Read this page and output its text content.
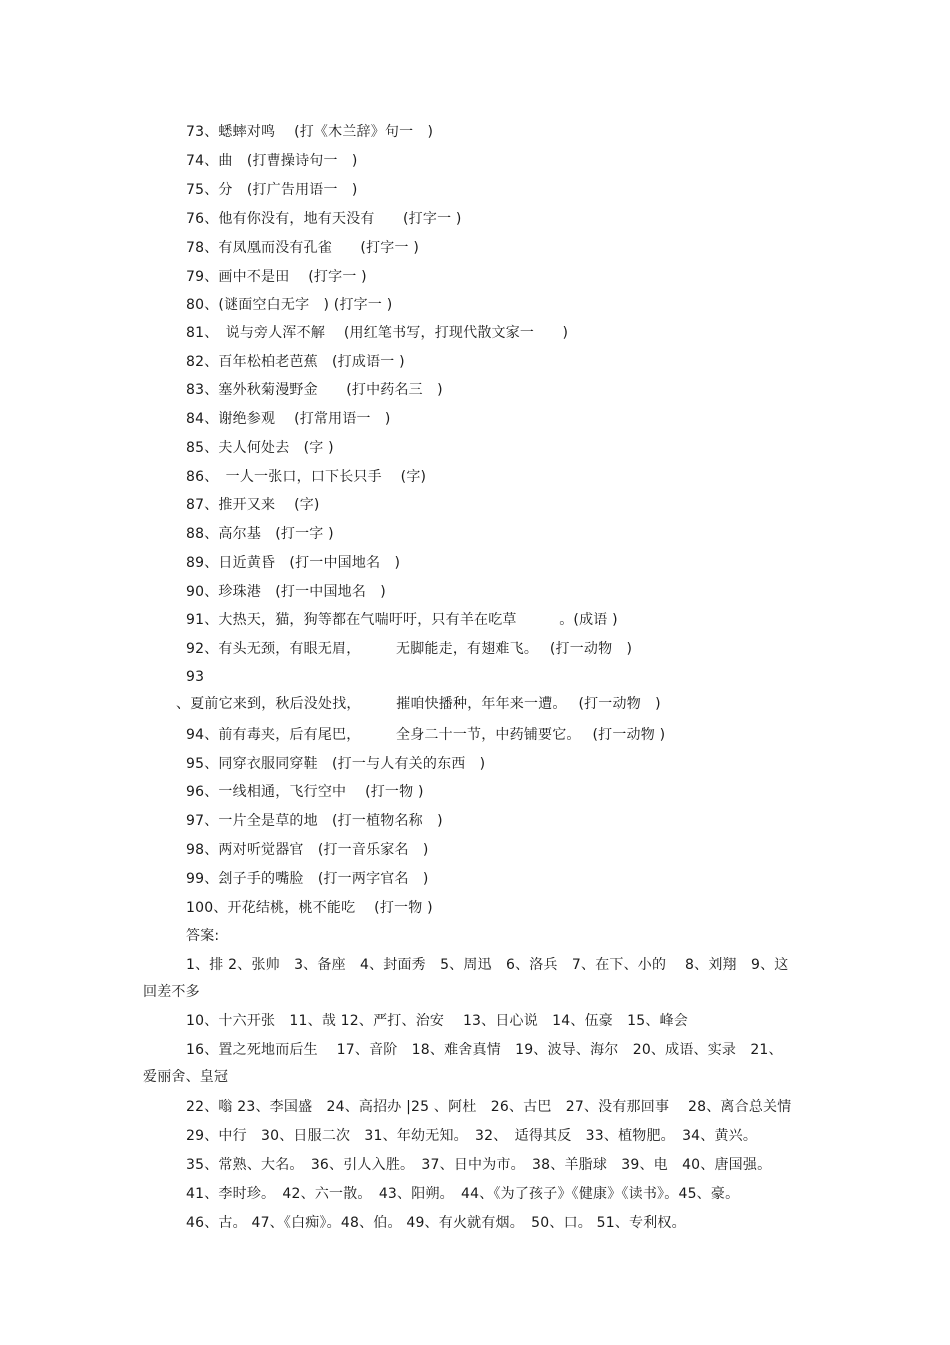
73、蟋蟀对鸣　 (打《木兰辞》句一　)
74、曲　(打曹操诗句一　)
75、分　(打广告用语一　)
76、他有你没有，地有天没有　　(打字一 )
78、有凤凰而没有孔雀　　(打字一 )
79、画中不是田　 (打字一 )
80、(谜面空白无字　) (打字一 )
81、　说与旁人浑不解　 (用红笔书写，打现代散文家一　　)
82、百年松柏老芭蕉　(打成语一 )
83、塞外秋菊漫野金　　(打中药名三　)
84、谢绝参观　 (打常用语一　)
85、夫人何处去　(字 )
86、　一人一张口，口下长只手　 (字)
87、推开又来　 (字)
88、高尔基　(打一字 )
89、日近黄昏　(打一中国地名　)
90、珍珠港　(打一中国地名　)
91、大热天，猫，狗等都在气喘吁吁，只有羊在吃草　　　。(成语 )
92、有头无颈，有眼无眉，　　　无脚能走，有翅难飞。　 (打一动物　)
93
、夏前它来到，秋后没处找，　　　摧咱快播种，年年来一遭。　 (打一动物　)
94、前有毒夹，后有尾巴，　　　全身二十一节，中药铺要它。　 (打一动物 )
95、同穿衣服同穿鞋　(打一与人有关的东西　)
96、一线相通，飞行空中　 (打一物 )
97、一片全是草的地　(打一植物名称　)
98、两对听觉器官　(打一音乐家名　)
99、刽子手的嘴脸　(打一两字官名　)
100、开花结桃，桃不能吃　 (打一物 )
答案:
1、排 2、张帅　3、备座　4、封面秀　5、周迅　6、洛兵　7、在下、小的　 8、刘翔　9、这
回差不多
10、十六开张　11、哉 12、严打、治安　 13、日心说　14、伍豪　15、峰会
16、置之死地而后生　 17、音阶　18、难舍真情　19、波导、海尔　20、成语、实录　21、
爱丽舍、皇冠
22、嗡 23、李国盛　24、高招办 |25 、阿杜　26、古巴　27、没有那回事　 28、离合总关情
29、中行　30、日服二次　31、年幼无知。　32、　适得其反　33、植物肥。　34、黄兴。
35、常熟、大名。　36、引人入胜。　37、日中为市。　38、羊脂球　39、电　40、唐国强。
41、李时珍。　42、六一散。　43、阳朔。　44、《为了孩子》《健康》《读书》。45、豪。
46、古。 47、《白痴》。48、伯。 49、有火就有烟。　50、口。 51、专利权。
